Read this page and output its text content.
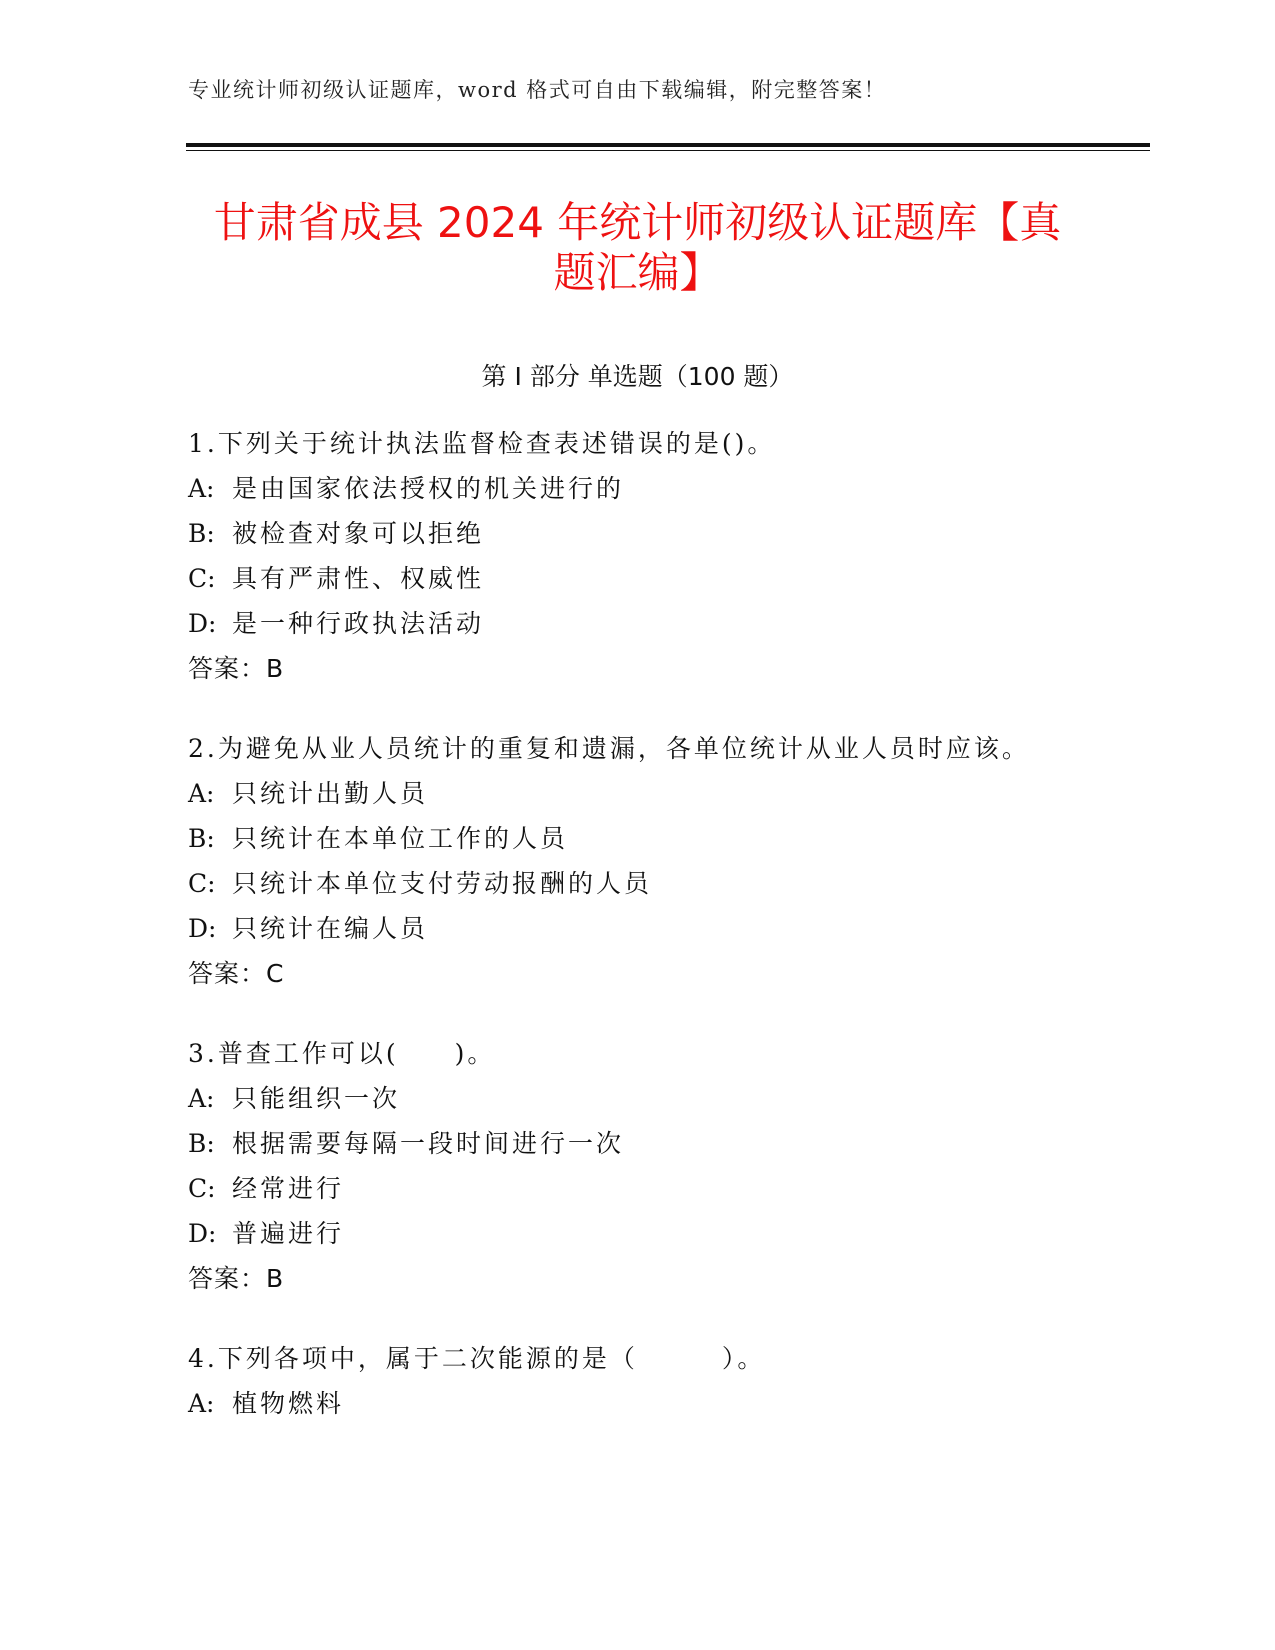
专业统计师初级认证题库，word 格式可自由下载编辑，附完整答案！
甘肃省成县 2024 年统计师初级认证题库【真
题汇编】
第 I 部分 单选题（100 题）
1.下列关于统计执法监督检查表述错误的是()。
A: 是由国家依法授权的机关进行的
B: 被检查对象可以拒绝
C: 具有严肃性、权威性
D: 是一种行政执法活动
答案：B
2.为避免从业人员统计的重复和遗漏，各单位统计从业人员时应该。
A: 只统计出勤人员
B: 只统计在本单位工作的人员
C: 只统计本单位支付劳动报酬的人员
D: 只统计在编人员
答案：C
3.普查工作可以(　　)。
A: 只能组织一次
B: 根据需要每隔一段时间进行一次
C: 经常进行
D: 普遍进行
答案：B
4.下列各项中，属于二次能源的是（　　　）。
A: 植物燃料
